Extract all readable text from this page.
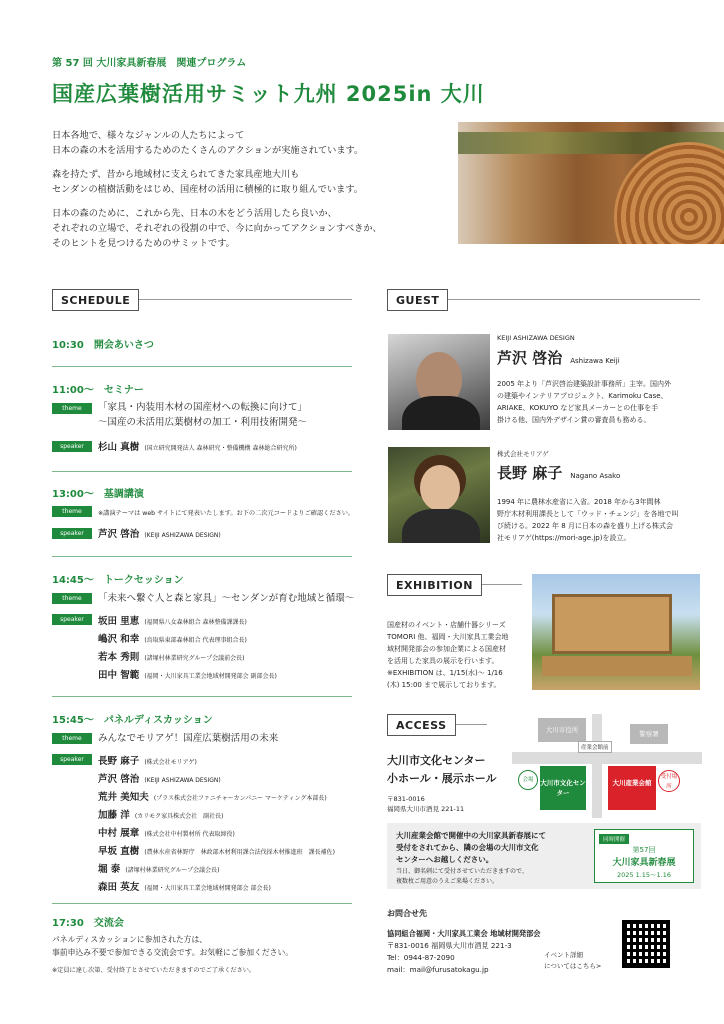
第 57 回 大川家具新春展　関連プログラム
国産広葉樹活用サミット九州 2025in 大川

日本各地で、様々なジャンルの人たちによって
日本の森の木を活用するためのたくさんのアクションが実施されています。

森を持たず、昔から地域材に支えられてきた家具産地大川も
センダンの植樹活動をはじめ、国産材の活用に積極的に取り組んでいます。

日本の森のために、これから先、日本の木をどう活用したら良いか、
それぞれの立場で、それぞれの役割の中で、今に向かってアクションすべきか、
そのヒントを見つけるためのサミットです。

SCHEDULE
10:30　開会あいさつ
11:00～　セミナー
theme	「家具・内装用木材の国産材への転換に向けて」
～国産の未活用広葉樹材の加工・利用技術開発～
speaker	杉山 真樹 (国立研究開発法人 森林研究・整備機構 森林総合研究所)
13:00～　基調講演
theme	※講演テーマは web サイトにて発表いたします。お下の二次元コードよりご確認ください。
speaker	芦沢 啓治 (KEIJI ASHIZAWA DESIGN)
14:45～　トークセッション
theme	「未来へ繋ぐ人と森と家具」～センダンが育む地域と循環～
speaker	坂田 里恵 (福岡県八女森林組合 森林整備課課長)
嶋沢 和幸 (鳥取県東部森林組合 代表理事組合長)
若本 秀則 (諸塚村林業研究グループ会議前会長)
田中 智範 (福岡・大川家具工業会地域材開発部会 副部会長)
15:45～　パネルディスカッション
theme	みんなでモリアゲ！国産広葉樹活用の未来
speaker	長野 麻子 (株式会社モリアゲ)
芦沢 啓治 (KEIJI ASHIZAWA DESIGN)
荒井 美知夫 (プラス株式会社ファニチャーカンパニー マーケティング本部長)
加藤 洋 (カリモク家具株式会社　副社長)
中村 展章 (株式会社中村製材所 代表取締役)
早坂 直樹 (農林水産省林野庁　林政部木材利用課合法伐採木材推進班　課長補佐)
堀 泰 (諸塚村林業研究グループ会議会長)
森田 英友 (福岡・大川家具工業会地域材開発部会 部会長)
17:30　交流会
パネルディスカッションに参加された方は、
事前申込み不要で参加できる交流会です。お気軽にご参加ください。
※定員に達し次第、受付終了とさせていただきますのでご了承ください。
GUEST
KEIJI ASHIZAWA DESIGN
芦沢 啓治 Ashizawa Keiji
2005 年より「芦沢啓治建築設計事務所」主宰。国内外
の建築やインテリアプロジェクト、Karimoku Case、
ARIAKE、KOKUYO など家具メーカーとの仕事を手
掛ける他、国内外デザイン賞の審査員も務める。
株式会社モリアゲ
長野 麻子 Nagano Asako
1994 年に農林水産省に入省。2018 年から3年間林
野庁木材利用課長として「ウッド・チェンジ」を各地で叫
び続ける。2022 年 8 月に日本の森を盛り上げる株式会
社モリアゲ(https://mori-age.jp)を設立。
EXHIBITION
国産材のイベント・店舗什器シリーズ
TOMORI 他、福岡・大川家具工業会地
域材開発部会の参加企業による国産材
を活用した家具の展示を行います。
※EXHIBITION は、1/15(水)～ 1/16
(木) 15:00 まで展示しております。
ACCESS
大川市文化センター
小ホール・展示ホール
〒831-0016
福岡県大川市酒見 221-11
大川市役所	警察署
産業会館前
大川市文化センター
会場	大川産業会館
受付場所
大川産業会館で開催中の大川家具新春展にて
受付をされてから、隣の会場の大川市文化
センターへお越しください。
当日、御名刺にて受付させていただきますので、
複数枚ご用意のうえご来場ください。
同時開催
第57回
大川家具新春展
2025 1.15～1.16
お問合せ先
協同組合福岡・大川家具工業会 地域材開発部会
〒831-0016 福岡県大川市酒見 221-3
Tel：0944-87-2090
mail：mail@furusatokagu.jp
イベント詳細
についてはこちら>
